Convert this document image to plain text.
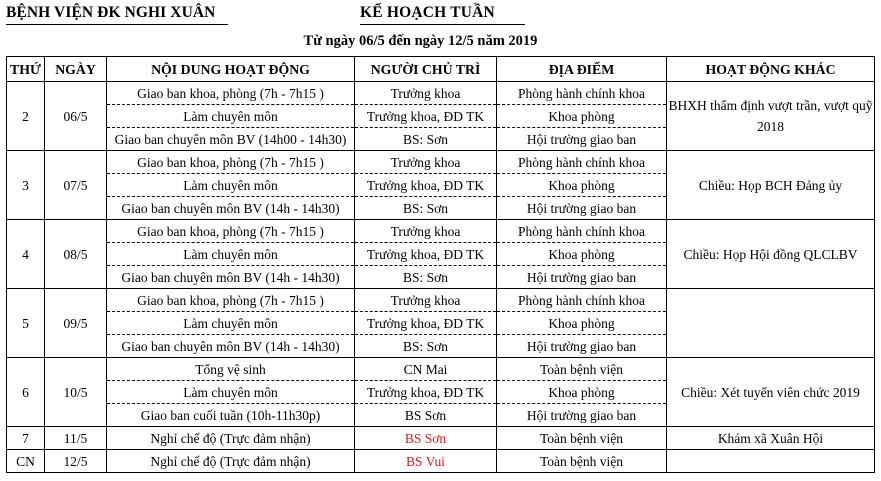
BỆNH VIỆN ĐK NGHI XUÂN	KẾ HOẠCH TUẦN
Từ ngày 06/5 đến ngày 12/5 năm 2019
THỨ	NGÀY	NỘI DUNG HOẠT ĐỘNG	NGƯỜI CHỦ TRÌ	ĐỊA ĐIỂM	HOẠT ĐỘNG KHÁC
2	06/5	Giao ban khoa, phòng (7h - 7h15 )	Trưởng khoa	Phòng hành chính khoa	BHXH thẩm định vượt trần, vượt quỹ 2018
		Làm chuyên môn	Trưởng khoa, ĐD TK	Khoa phòng	
		Giao ban chuyên môn BV (14h00 - 14h30)	BS: Sơn	Hội trường giao ban	
3	07/5	Giao ban khoa, phòng (7h - 7h15 )	Trưởng khoa	Phòng hành chính khoa	Chiều: Họp BCH Đảng ủy
		Làm chuyên môn	Trưởng khoa, ĐD TK	Khoa phòng	
		Giao ban chuyên môn BV (14h - 14h30)	BS: Sơn	Hội trường giao ban	
4	08/5	Giao ban khoa, phòng (7h - 7h15 )	Trưởng khoa	Phòng hành chính khoa	Chiều: Họp Hội đồng QLCLBV
		Làm chuyên môn	Trưởng khoa, ĐD TK	Khoa phòng	
		Giao ban chuyên môn BV (14h - 14h30)	BS: Sơn	Hội trường giao ban	
5	09/5	Giao ban khoa, phòng (7h - 7h15 )	Trưởng khoa	Phòng hành chính khoa	
		Làm chuyên môn	Trưởng khoa, ĐD TK	Khoa phòng	
		Giao ban chuyên môn BV (14h - 14h30)	BS: Sơn	Hội trường giao ban	
6	10/5	Tổng vệ sinh	CN Mai	Toàn bệnh viện	Chiều: Xét tuyển viên chức 2019
		Làm chuyên môn	Trưởng khoa, ĐD TK	Khoa phòng	
		Giao ban cuối tuần (10h-11h30p)	BS Sơn	Hội trường giao ban	
7	11/5	Nghỉ chế độ (Trực đảm nhận)	BS Sơn	Toàn bệnh viện	Khám xã Xuân Hội
CN	12/5	Nghỉ chế độ (Trực đảm nhận)	BS Vui	Toàn bệnh viện	
